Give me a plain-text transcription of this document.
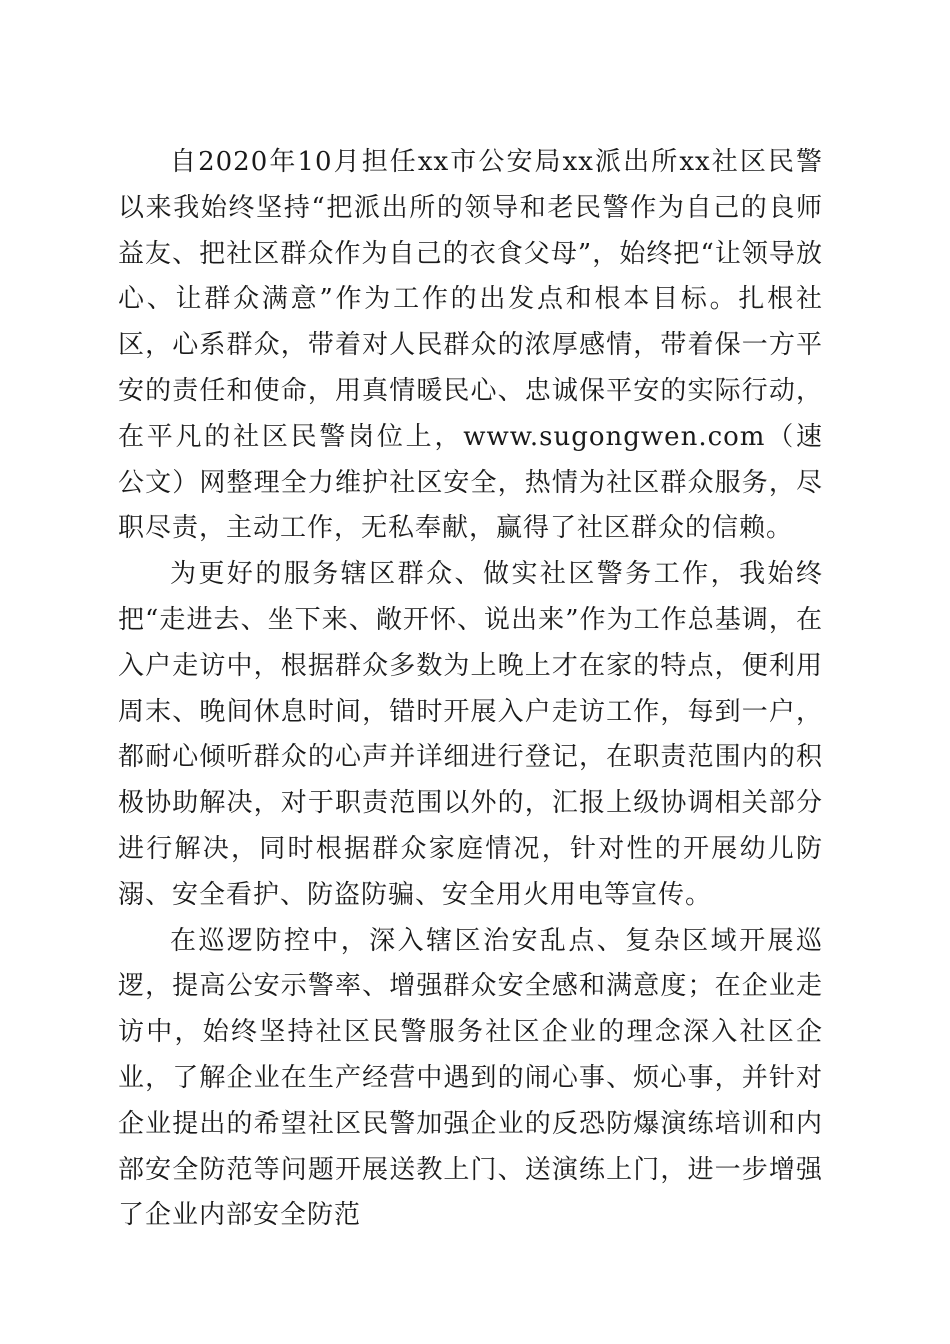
自2020年10月担任xx市公安局xx派出所xx社区民警以来我始终坚持“把派出所的领导和老民警作为自己的良师益友、把社区群众作为自己的衣食父母”，始终把“让领导放心、让群众满意”作为工作的出发点和根本目标。扎根社区，心系群众，带着对人民群众的浓厚感情，带着保一方平安的责任和使命，用真情暖民心、忠诚保平安的实际行动，在平凡的社区民警岗位上，www.sugongwen.com（速公文）网整理全力维护社区安全，热情为社区群众服务，尽职尽责，主动工作，无私奉献，赢得了社区群众的信赖。

为更好的服务辖区群众、做实社区警务工作，我始终把“走进去、坐下来、敞开怀、说出来”作为工作总基调，在入户走访中，根据群众多数为上晚上才在家的特点，便利用周末、晚间休息时间，错时开展入户走访工作，每到一户，都耐心倾听群众的心声并详细进行登记，在职责范围内的积极协助解决，对于职责范围以外的，汇报上级协调相关部分进行解决，同时根据群众家庭情况，针对性的开展幼儿防溺、安全看护、防盗防骗、安全用火用电等宣传。

在巡逻防控中，深入辖区治安乱点、复杂区域开展巡逻，提高公安示警率、增强群众安全感和满意度；在企业走访中，始终坚持社区民警服务社区企业的理念深入社区企业，了解企业在生产经营中遇到的闹心事、烦心事，并针对企业提出的希望社区民警加强企业的反恐防爆演练培训和内部安全防范等问题开展送教上门、送演练上门，进一步增强了企业内部安全防范
